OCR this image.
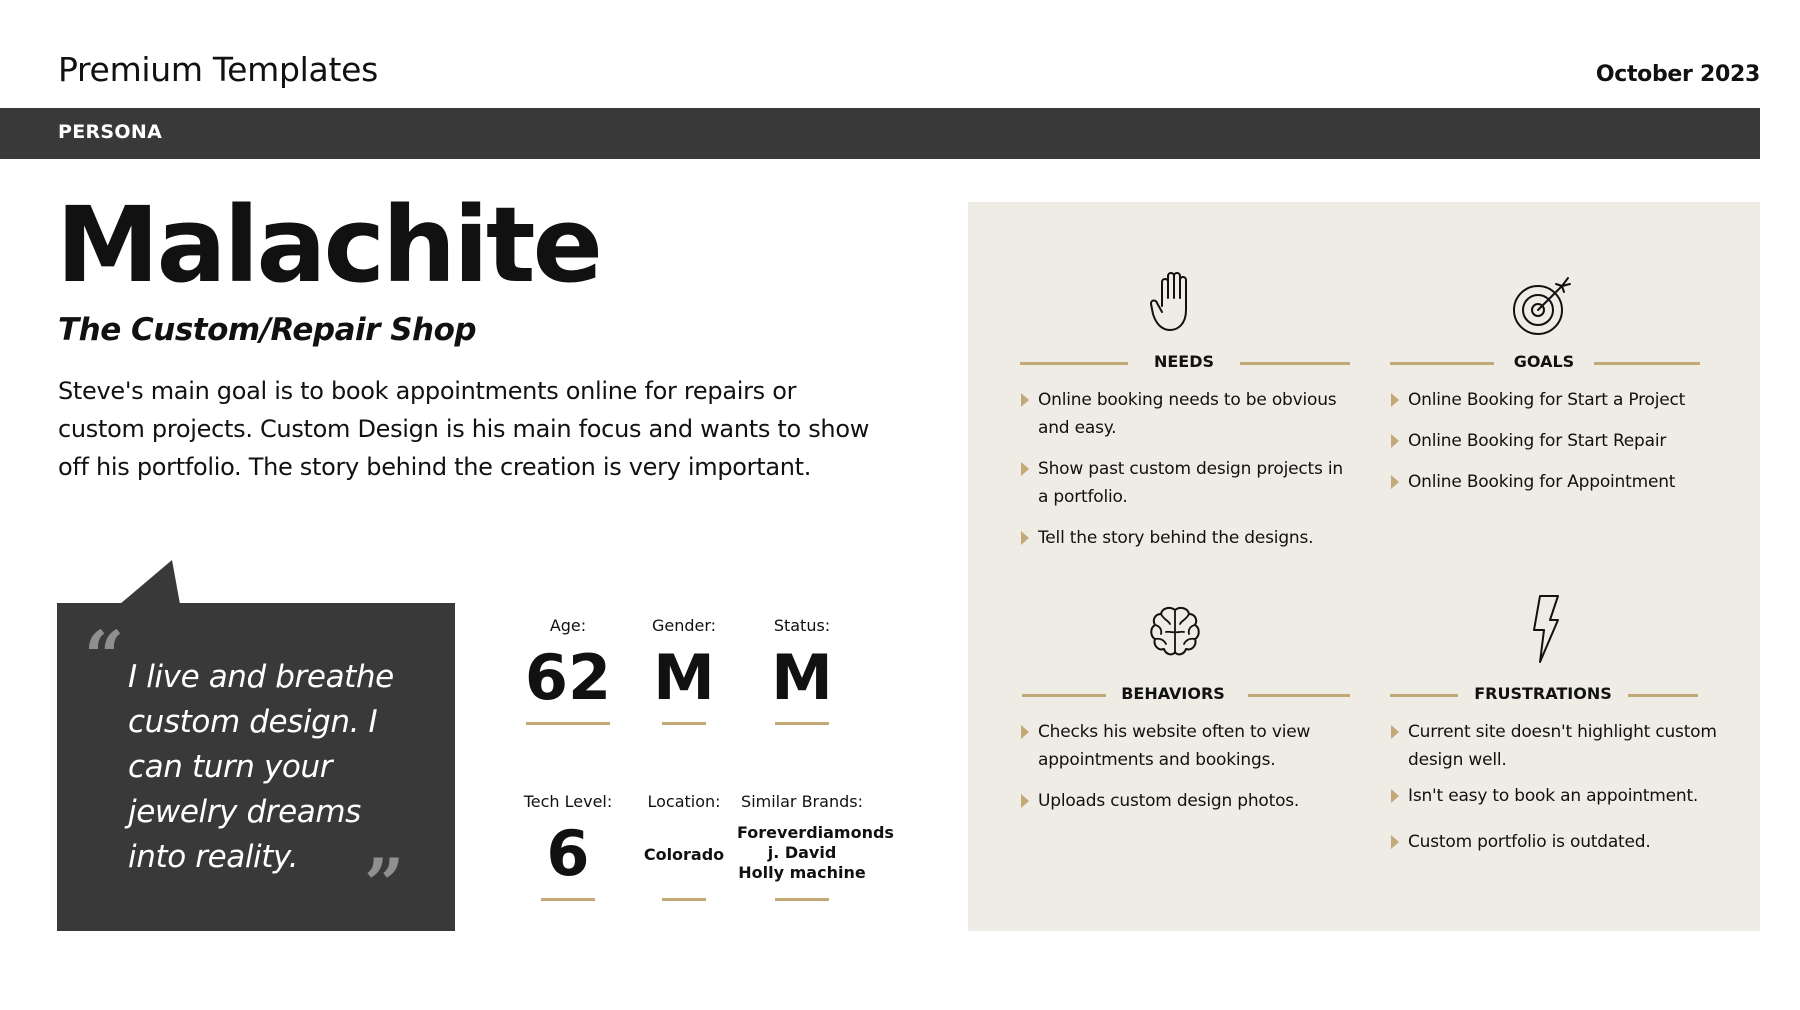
Premium Templates	October 2023
PERSONA
Malachite
The Custom/Repair Shop
Steve's main goal is to book appointments online for repairs or custom projects. Custom Design is his main focus and wants to show off his portfolio. The story behind the creation is very important.
“ I live and breathe custom design. I can turn your jewelry dreams into reality. ”
Age:
62
Gender:
M
Status:
M
Tech Level:
6
Location:
Colorado
Similar Brands:
Foreverdiamonds
j. David
Holly machine
NEEDS
Online booking needs to be obvious and easy.
Show past custom design projects in a portfolio.
Tell the story behind the designs.
GOALS
Online Booking for Start a Project
Online Booking for Start Repair
Online Booking for Appointment
BEHAVIORS
Checks his website often to view appointments and bookings.
Uploads custom design photos.
FRUSTRATIONS
Current site doesn't highlight custom design well.
Isn't easy to book an appointment.
Custom portfolio is outdated.
